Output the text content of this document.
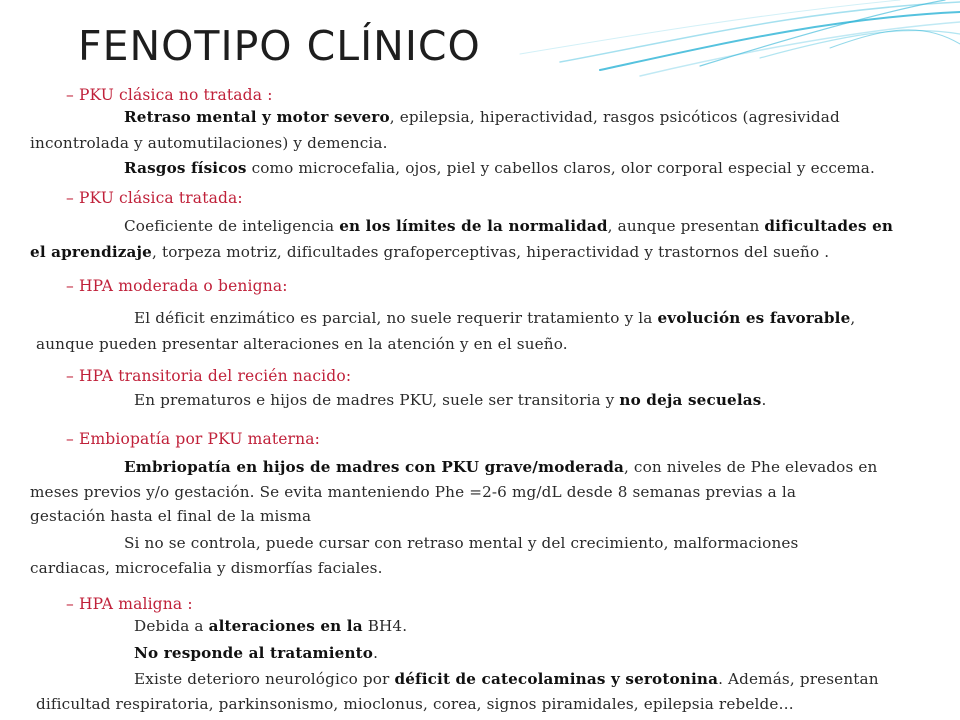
FENOTIPO CLÍNICO
– PKU clásica no tratada :
Retraso mental y motor severo, epilepsia, hiperactividad, rasgos psicóticos (agresividad
incontrolada y automutilaciones) y demencia.
Rasgos físicos como microcefalia, ojos, piel y cabellos claros, olor corporal especial y eccema.
– PKU clásica tratada:
Coeficiente de inteligencia en los límites de la normalidad, aunque presentan dificultades en
el aprendizaje, torpeza motriz, dificultades grafoperceptivas, hiperactividad y trastornos del sueño .
– HPA moderada o benigna:
El déficit enzimático es parcial, no suele requerir tratamiento y la evolución es favorable,
aunque pueden presentar alteraciones en la atención y en el sueño.
– HPA transitoria del recién nacido:
En prematuros e hijos de madres PKU, suele ser transitoria y no deja secuelas.
– Embiopatía por PKU materna:
Embriopatía en hijos de madres con PKU grave/moderada, con niveles de Phe elevados en
meses previos y/o gestación. Se evita manteniendo Phe =2-6 mg/dL desde 8 semanas previas a la
gestación hasta el final de la misma
Si no se controla, puede cursar con retraso mental y del crecimiento, malformaciones
cardiacas, microcefalia y dismorfías faciales.
– HPA maligna :
Debida a alteraciones en la BH4.
No responde al tratamiento.
Existe deterioro neurológico por déficit de catecolaminas y serotonina. Además, presentan
dificultad respiratoria, parkinsonismo, mioclonus, corea, signos piramidales, epilepsia rebelde…
